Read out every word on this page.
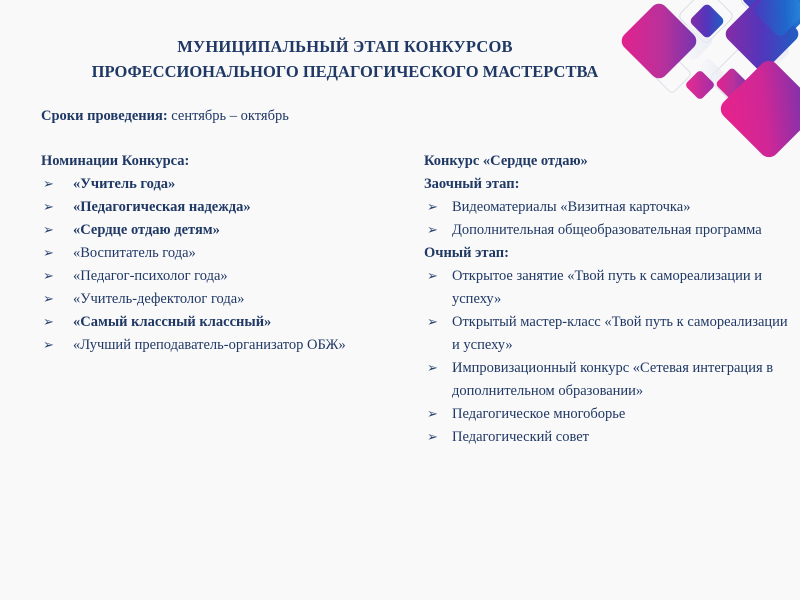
МУНИЦИПАЛЬНЫЙ ЭТАП КОНКУРСОВ
ПРОФЕССИОНАЛЬНОГО ПЕДАГОГИЧЕСКОГО МАСТЕРСТВА
Сроки проведения: сентябрь – октябрь
Номинации Конкурса:
➢ «Учитель года»
➢ «Педагогическая надежда»
➢ «Сердце отдаю детям»
➢ «Воспитатель года»
➢ «Педагог-психолог года»
➢ «Учитель-дефектолог года»
➢ «Самый классный классный»
➢ «Лучший преподаватель-организатор ОБЖ»
Конкурс «Сердце отдаю»
Заочный этап:
➢ Видеоматериалы «Визитная карточка»
➢ Дополнительная общеобразовательная программа
Очный этап:
➢ Открытое занятие «Твой путь к самореализации и успеху»
➢ Открытый мастер-класс «Твой путь к самореализации и успеху»
➢ Импровизационный конкурс «Сетевая интеграция в дополнительном образовании»
➢ Педагогическое многоборье
➢ Педагогический совет
